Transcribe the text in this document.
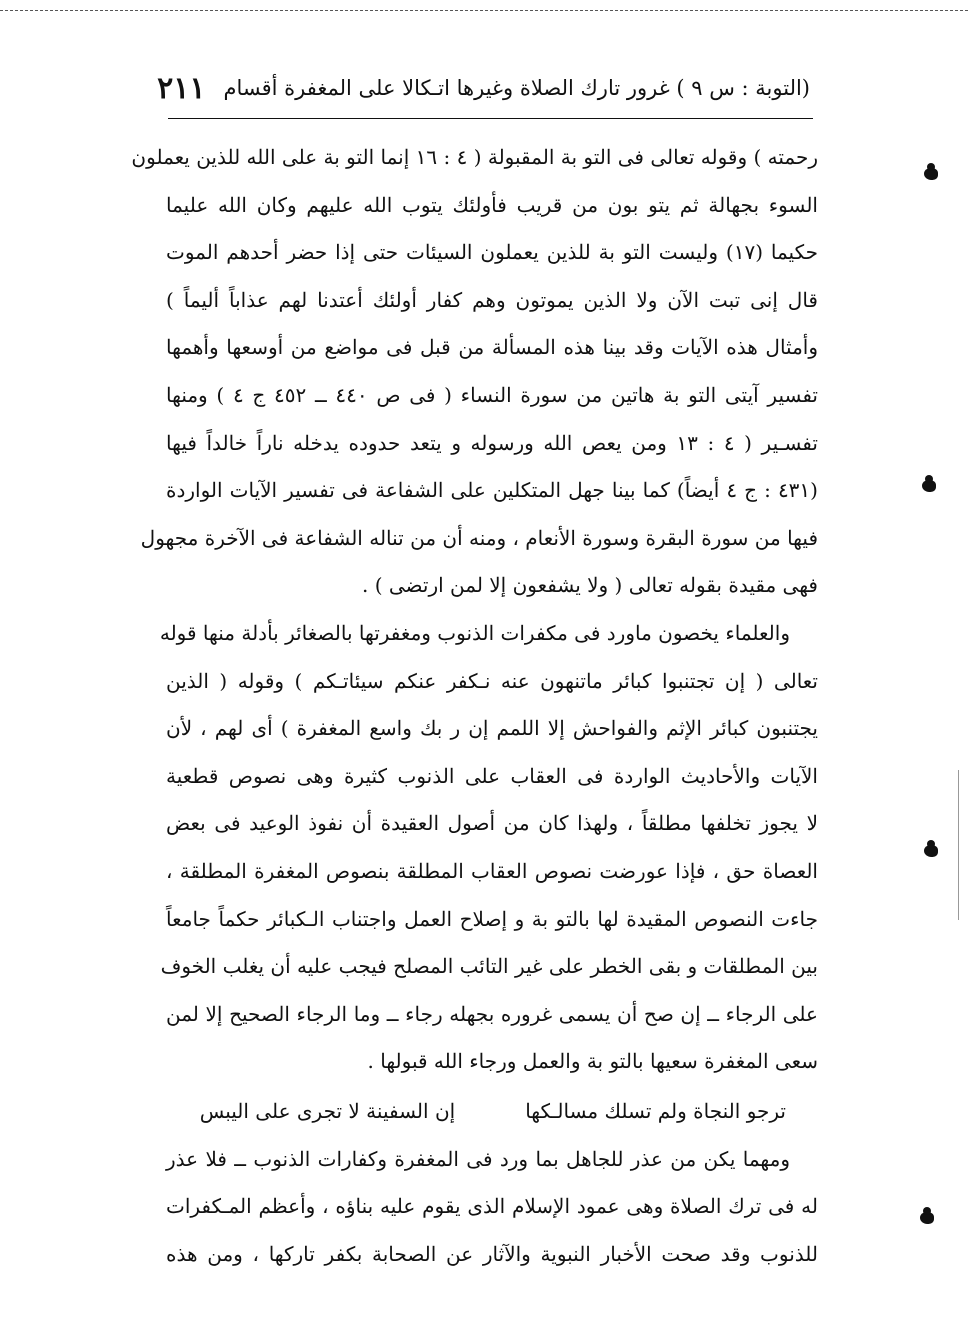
(التوبة : س ٩ ) غرور تارك الصلاة وغيرها اتـكالا على المغفرة أقسام
٢١١
رحمته ) وقوله تعالى فى التو بة المقبولة ( ٤ : ١٦ إنما التو بة على الله للذين يعملون
السوء بجهالة ثم يتو بون من قريب فأولئك يتوب الله عليهم وكان الله عليما
حكيما (١٧) وليست التو بة للذين يعملون السيئات حتى إذا حضر أحدهم الموت
قال إنى تبت الآن ولا الذين يموتون وهم كفار أولئك أعتدنا لهم عذاباً أليماً )
وأمثال هذه الآيات وقد بينا هذه المسألة من قبل فى مواضع من أوسعها وأهمها
تفسير آيتى التو بة هاتين من سورة النساء ( فى ص ٤٤٠ ــ ٤٥٢ ج ٤ ) ومنها
تفسـير ( ٤ : ١٣ ومن يعص الله ورسوله و يتعد حدوده يدخله ناراً خالداً فيها
(٤٣١ : ج ٤ أيضاً) كما بينا جهل المتكلين على الشفاعة فى تفسير الآيات الواردة
فيها من سورة البقرة وسورة الأنعام ، ومنه أن من تناله الشفاعة فى الآخرة مجهول
فهى مقيدة بقوله تعالى ( ولا يشفعون إلا لمن ارتضى ) .
والعلماء يخصون ماورد فى مكفرات الذنوب ومغفرتها بالصغائر بأدلة منها قوله
تعالى ( إن تجتنبوا كبائر ماتنهون عنه نـكفر عنكم سيئاتـكم ) وقوله ( الذين
يجتنبون كبائر الإثم والفواحش إلا اللمم إن ر بك واسع المغفرة ) أى لهم ، لأن
الآيات والأحاديث الواردة فى العقاب على الذنوب كثيرة وهى نصوص قطعية
لا يجوز تخلفها مطلقاً ، ولهذا كان من أصول العقيدة أن نفوذ الوعيد فى بعض
العصاة حق ، فإذا عورضت نصوص العقاب المطلقة بنصوص المغفرة المطلقة ،
جاءت النصوص المقيدة لها بالتو بة و إصلاح العمل واجتناب الـكبائر حكماً جامعاً
بين المطلقات و بقى الخطر على غير التائب المصلح فيجب عليه أن يغلب الخوف
على الرجاء ــ إن صح أن يسمى غروره بجهله رجاء ــ وما الرجاء الصحيح إلا لمن
سعى المغفرة سعيها بالتو بة والعمل ورجاء الله قبولها .
ترجو النجاة ولم تسلك مسالـكها
إن السفينة لا تجرى على اليبس
ومهما يكن من عذر للجاهل بما ورد فى المغفرة وكفارات الذنوب ــ فلا عذر
له فى ترك الصلاة وهى عمود الإسلام الذى يقوم عليه بناؤه ، وأعظم المـكفرات
للذنوب وقد صحت الأخبار النبوية والآثار عن الصحابة بكفر تاركها ، ومن هذه
